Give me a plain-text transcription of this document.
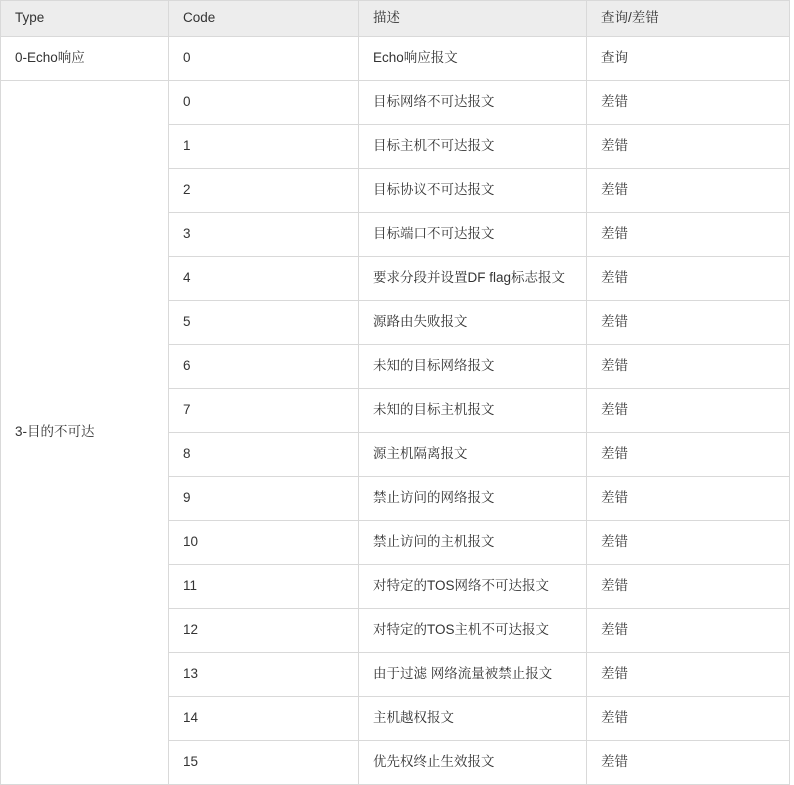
Type	Code	描述	查询/差错
0-Echo响应	0	Echo响应报文	查询
3-目的不可达	0	目标网络不可达报文	差错
	1	目标主机不可达报文	差错
	2	目标协议不可达报文	差错
	3	目标端口不可达报文	差错
	4	要求分段并设置DF flag标志报文	差错
	5	源路由失败报文	差错
	6	未知的目标网络报文	差错
	7	未知的目标主机报文	差错
	8	源主机隔离报文	差错
	9	禁止访问的网络报文	差错
	10	禁止访问的主机报文	差错
	11	对特定的TOS网络不可达报文	差错
	12	对特定的TOS主机不可达报文	差错
	13	由于过滤 网络流量被禁止报文	差错
	14	主机越权报文	差错
	15	优先权终止生效报文	差错
